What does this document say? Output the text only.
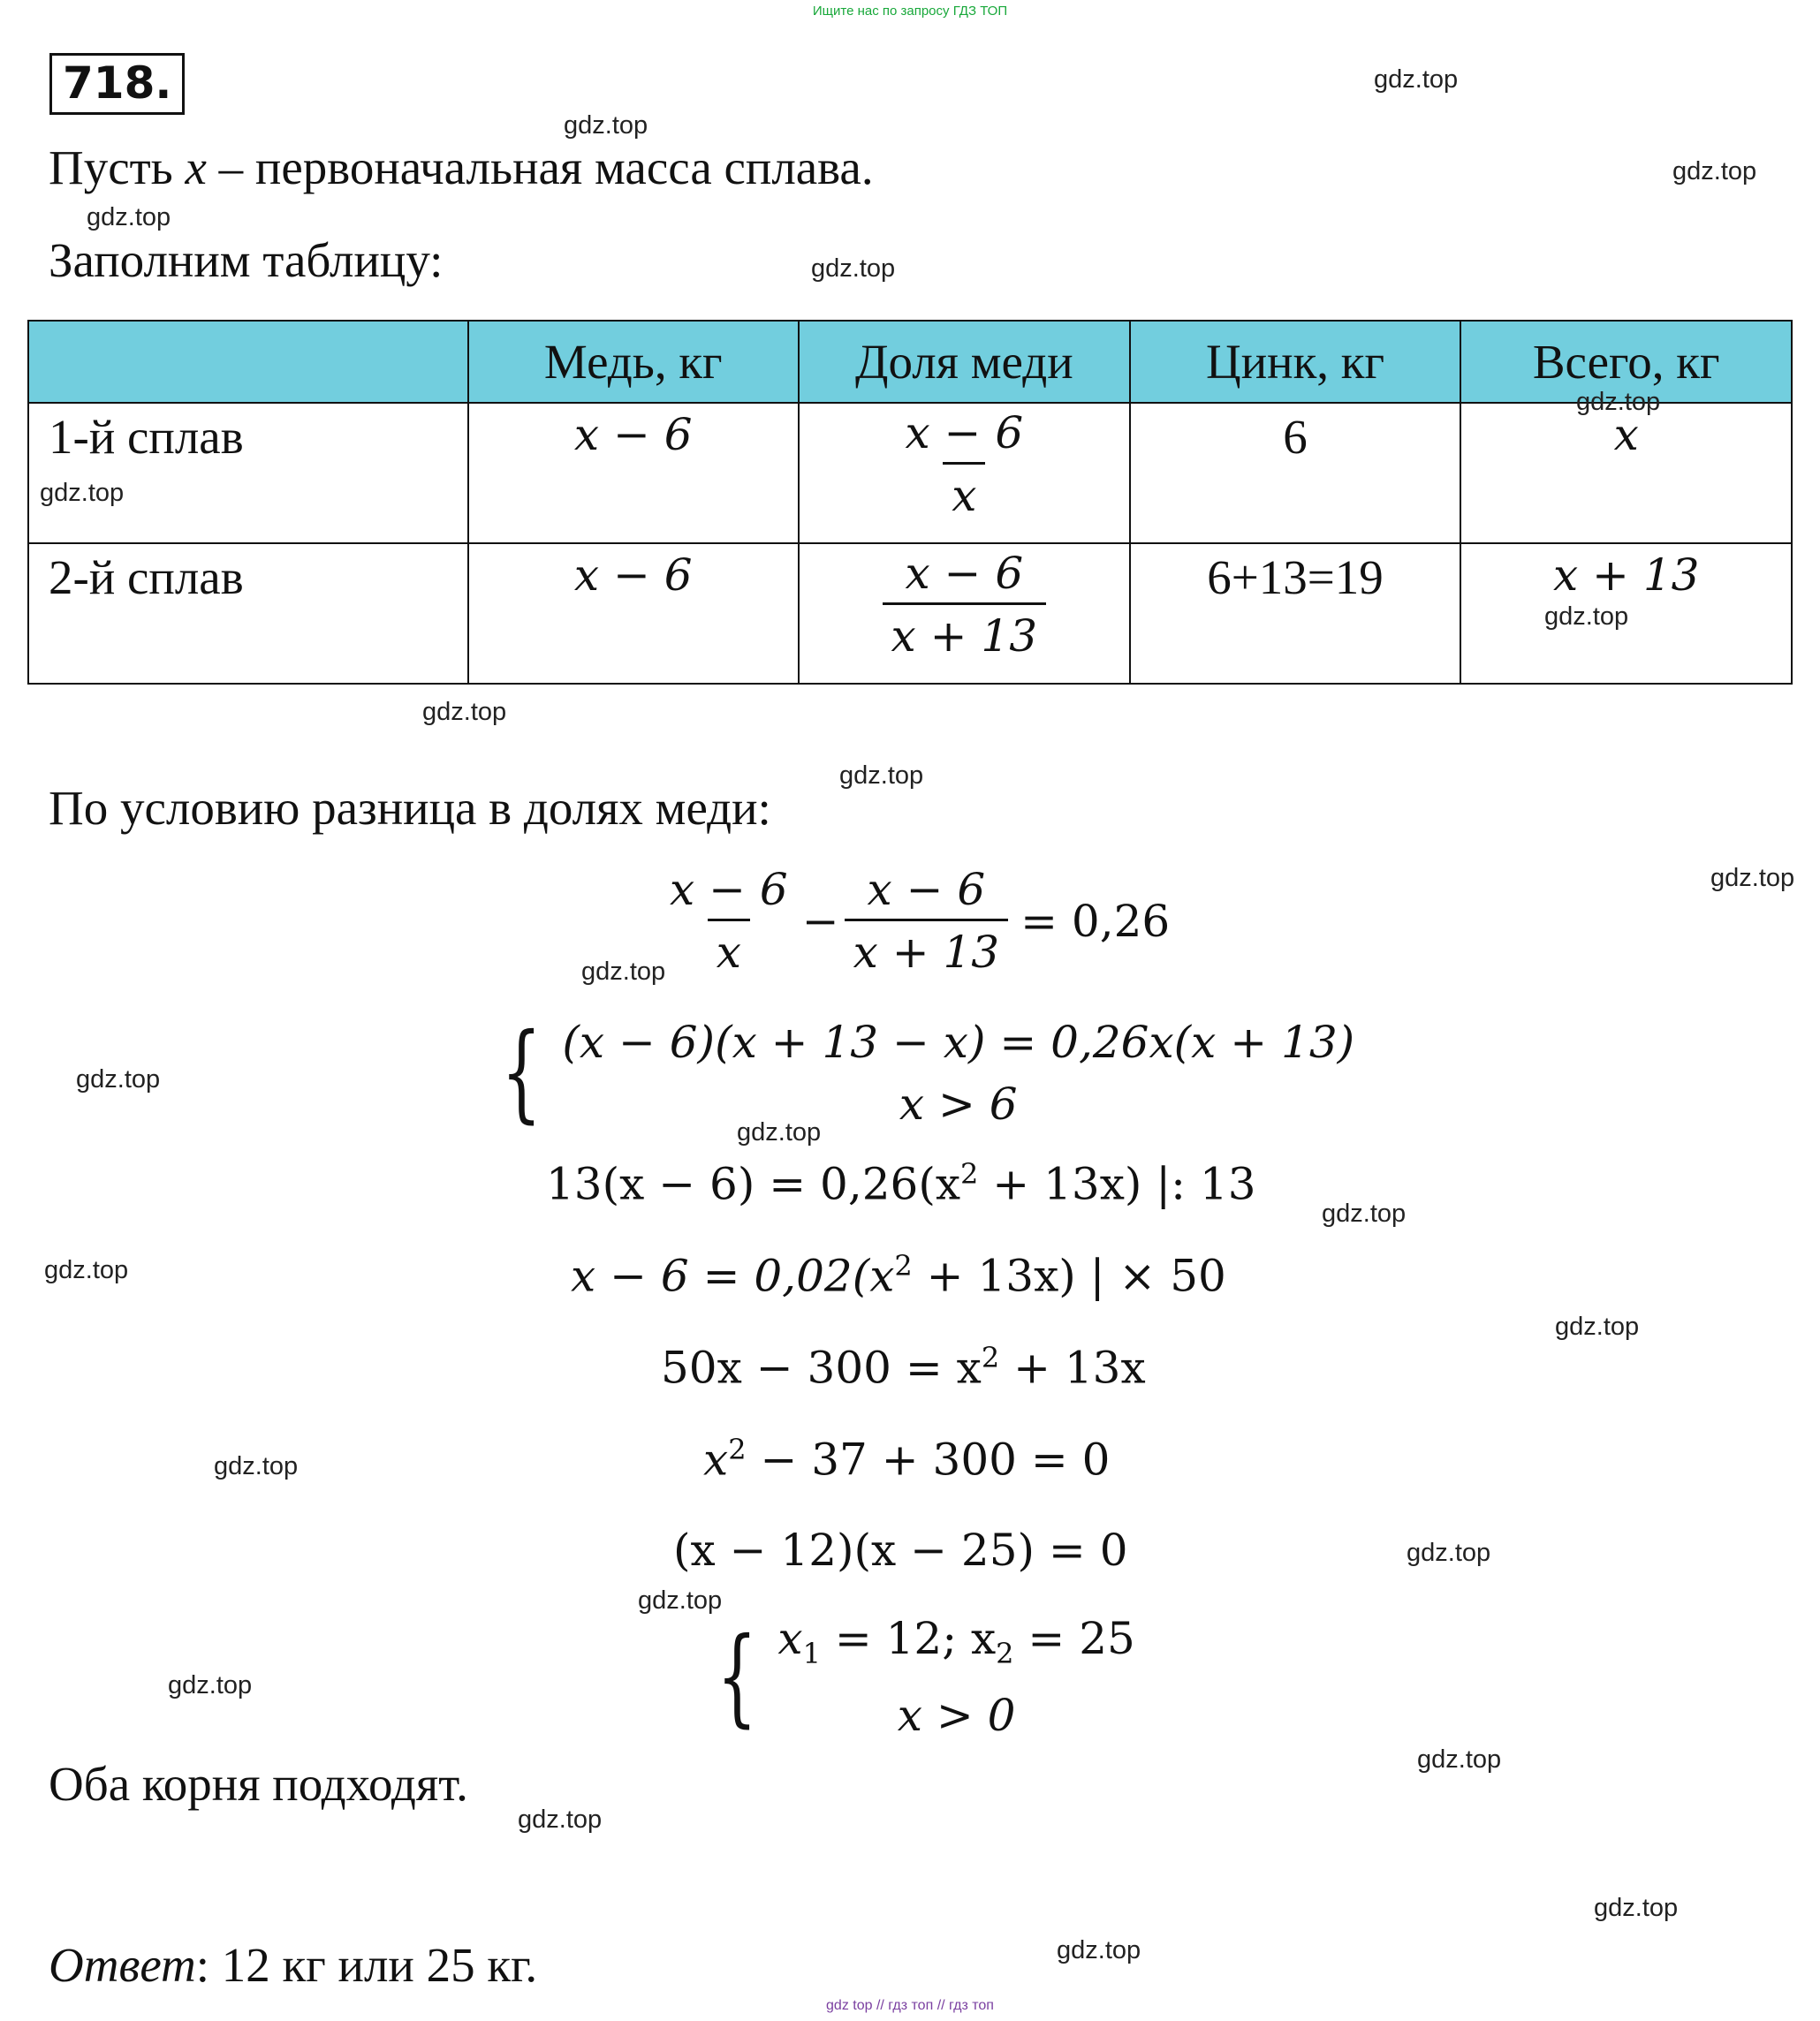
Ищите нас по запросу ГДЗ ТОП
718.
Пусть x – первоначальная масса сплава.
Заполним таблицу:
	Медь, кг	Доля меди	Цинк, кг	Всего, кг

1-й сплав	x − 6	$\frac{x - 6}{x}$	6	x

2-й сплав	x − 6	$\frac{x - 6}{x + 13}$	6+13=19	x + 13
По условию разница в долях меди:
$\frac{x - 6}{x} - \frac{x - 6}{x + 13} = 0,26$
{ (x − 6)(x + 13 − x) = 0,26x(x + 13)
x > 6
$13(x - 6) = 0,26(x^2 + 13x)$ |: 13
$x - 6 = 0,02(x^2 + 13x)$ | × 50
$50x - 300 = x^2 + 13x$
$x^2 - 37 + 300 = 0$
(x − 12)(x − 25) = 0
{ $x_1 = 12$; $x_2 = 25$
x > 0
Оба корня подходят.
Ответ: 12 кг или 25 кг.
gdz.top
gdz.top
gdz.top
gdz.top
gdz.top
gdz.top
gdz.top
gdz.top
gdz.top
gdz.top
gdz.top
gdz.top
gdz.top
gdz.top
gdz.top
gdz.top
gdz.top
gdz.top
gdz.top
gdz.top
gdz.top
gdz.top
gdz.top
gdz.top
gdz.top
gdz top // гдз топ // гдз топ
